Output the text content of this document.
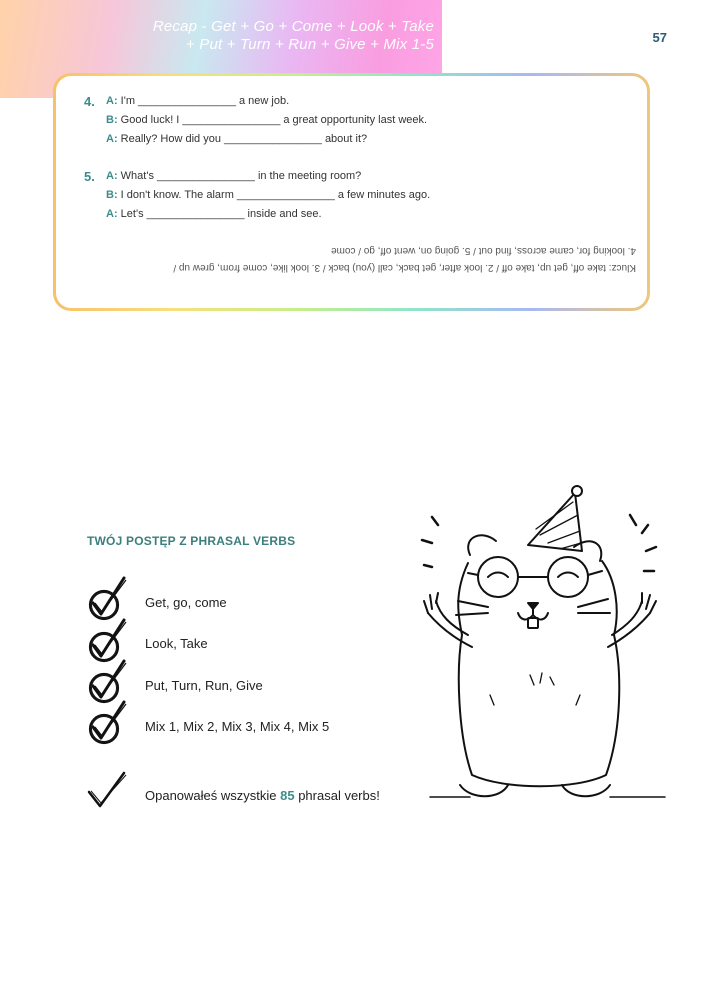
Recap - Get + Go + Come + Look + Take
+ Put + Turn + Run + Give + Mix 1-5	57
4. A: I'm ________________ a new job.
B: Good luck! I ________________ a great opportunity last week.
A: Really? How did you ________________ about it?
5. A: What's ________________ in the meeting room?
B: I don't know. The alarm ________________ a few minutes ago.
A: Let's ________________ inside and see.
Klucz: take off, get up, take off / 2. look after, get back, call (you) back / 3. look like, come from, grew up /
4. looking for, came across, find out / 5. going on, went off, go / come
TWÓJ POSTĘP Z PHRASAL VERBS
Get, go, come
Look, Take
Put, Turn, Run, Give
Mix 1, Mix 2, Mix 3, Mix 4, Mix 5
Opanowałeś wszystkie 85 phrasal verbs!
